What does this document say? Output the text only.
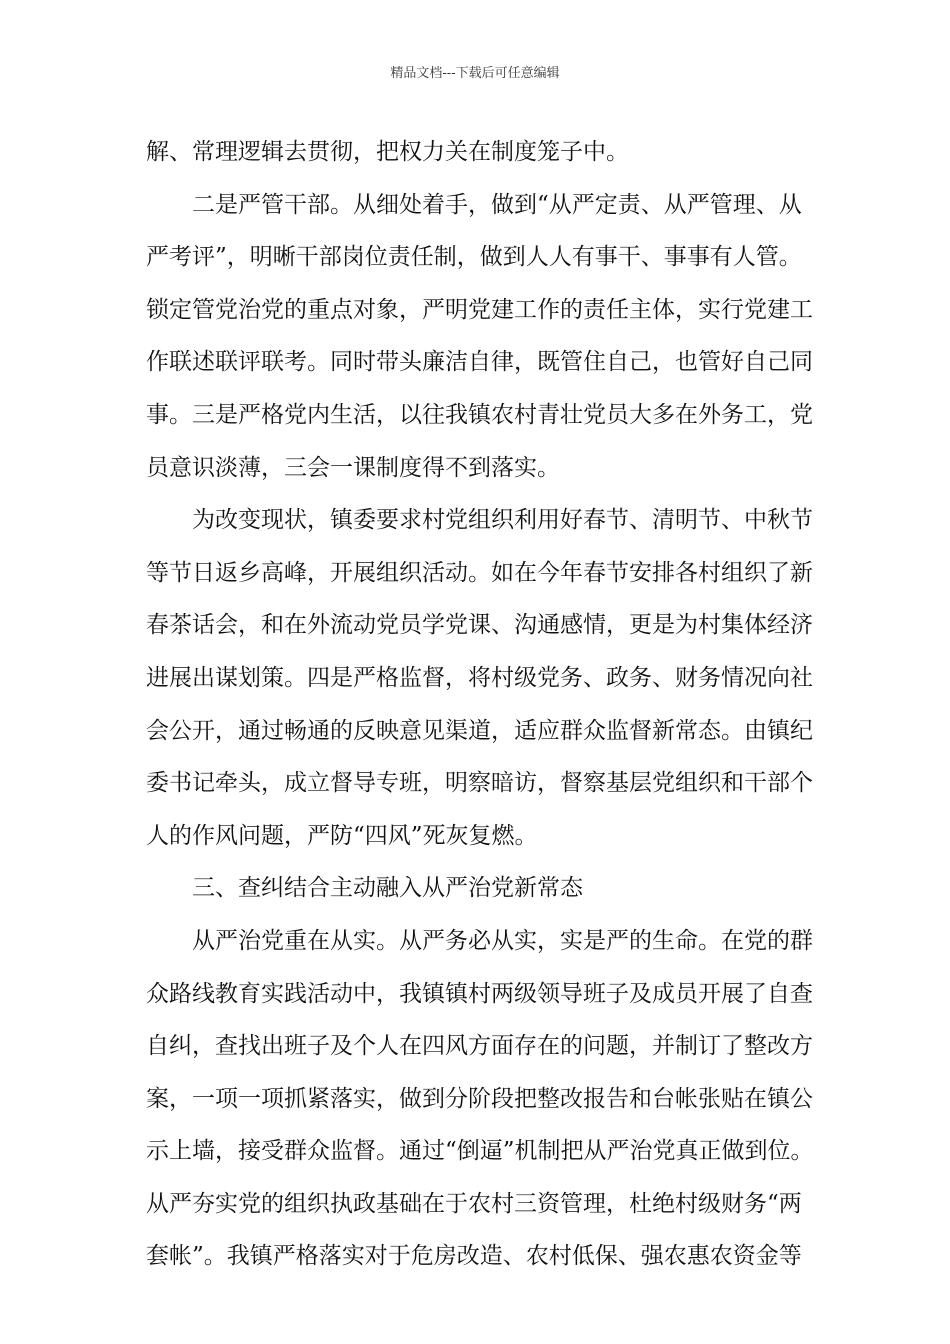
精品文档---下载后可任意编辑
解、常理逻辑去贯彻，把权力关在制度笼子中。
二是严管干部。从细处着手，做到“从严定责、从严管理、从
严考评”，明晰干部岗位责任制，做到人人有事干、事事有人管。
锁定管党治党的重点对象，严明党建工作的责任主体，实行党建工
作联述联评联考。同时带头廉洁自律，既管住自己，也管好自己同
事。三是严格党内生活，以往我镇农村青壮党员大多在外务工，党
员意识淡薄，三会一课制度得不到落实。
为改变现状，镇委要求村党组织利用好春节、清明节、中秋节
等节日返乡高峰，开展组织活动。如在今年春节安排各村组织了新
春茶话会，和在外流动党员学党课、沟通感情，更是为村集体经济
进展出谋划策。四是严格监督，将村级党务、政务、财务情况向社
会公开，通过畅通的反映意见渠道，适应群众监督新常态。由镇纪
委书记牵头，成立督导专班，明察暗访，督察基层党组织和干部个
人的作风问题，严防“四风”死灰复燃。
三、查纠结合主动融入从严治党新常态
从严治党重在从实。从严务必从实，实是严的生命。在党的群
众路线教育实践活动中，我镇镇村两级领导班子及成员开展了自查
自纠，查找出班子及个人在四风方面存在的问题，并制订了整改方
案，一项一项抓紧落实，做到分阶段把整改报告和台帐张贴在镇公
示上墙，接受群众监督。通过“倒逼”机制把从严治党真正做到位。
从严夯实党的组织执政基础在于农村三资管理，杜绝村级财务“两
套帐”。我镇严格落实对于危房改造、农村低保、强农惠农资金等
